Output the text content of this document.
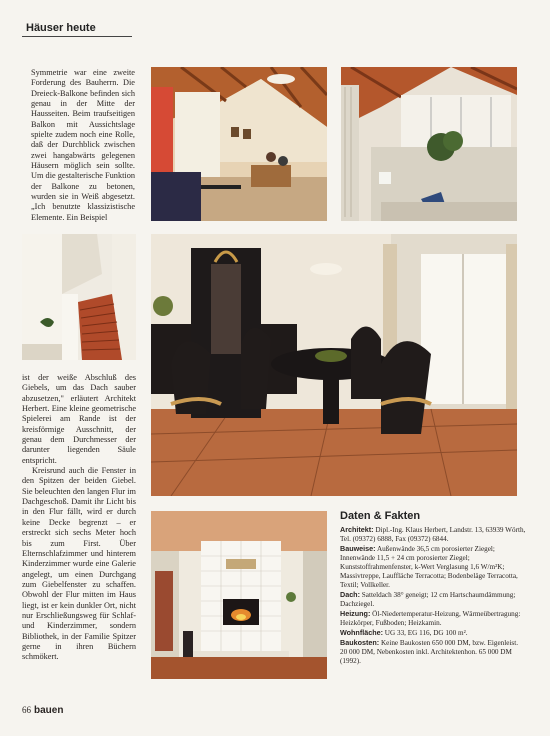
Häuser heute

Symmetrie war eine zweite Forderung des Bauherrn. Die Dreieck-Balkone befinden sich genau in der Mitte der Hausseiten. Beim traufseitigen Balkon mit Aussichtslage spielte zudem noch eine Rolle, daß der Durchblick zwischen zwei hangabwärts gelegenen Häusern möglich sein sollte. Um die gestalterische Funktion der Balkone zu betonen, wurden sie in Weiß abgesetzt. „Ich benutzte klassizistische Elemente. Ein Beispiel

ist der weiße Abschluß des Giebels, um das Dach sauber abzusetzen," erläutert Architekt Herbert. Eine kleine geometrische Spielerei am Rande ist der kreisförmige Ausschnitt, der genau dem Durchmesser der darunter liegenden Säule entspricht.

Kreisrund auch die Fenster in den Spitzen der beiden Giebel. Sie beleuchten den langen Flur im Dachgeschoß. Damit ihr Licht bis in den Flur fällt, wird er durch keine Decke begrenzt – er erstreckt sich sechs Meter hoch bis zum First. Über Elternschlafzimmer und hinterem Kinderzimmer wurde eine Galerie angelegt, um einen Durchgang zum Giebelfenster zu schaffen. Obwohl der Flur mitten im Haus liegt, ist er kein dunkler Ort, nicht nur Erschließungsweg für Schlaf- und Kinderzimmer, sondern Bibliothek, in der Familie Spitzer gerne in ihren Büchern schmökert.

Daten & Fakten

Architekt: Dipl.-Ing. Klaus Herbert, Landstr. 13, 63939 Wörth, Tel. (09372) 6888, Fax (09372) 6844.

Bauweise: Außenwände 36,5 cm porosierter Ziegel; Innenwände 11,5 + 24 cm porosierter Ziegel; Kunststoffrahmenfenster, k-Wert Verglasung 1,6 W/m²K; Massivtreppe, Lauffläche Terracotta; Bodenbeläge Terracotta, Textil; Vollkeller.

Dach: Satteldach 38° geneigt; 12 cm Hartschaumdämmung; Dachziegel.

Heizung: Öl-Niedertemperatur-Heizung, Wärmeübertragung: Heizkörper, Fußboden; Heizkamin.

Wohnfläche: UG 33, EG 116, DG 100 m².

Baukosten: Keine Baukosten 650 000 DM, bzw. Eigenleist. 20 000 DM, Nebenkosten inkl. Architektenhon. 65 000 DM (1992).

66 bauen
